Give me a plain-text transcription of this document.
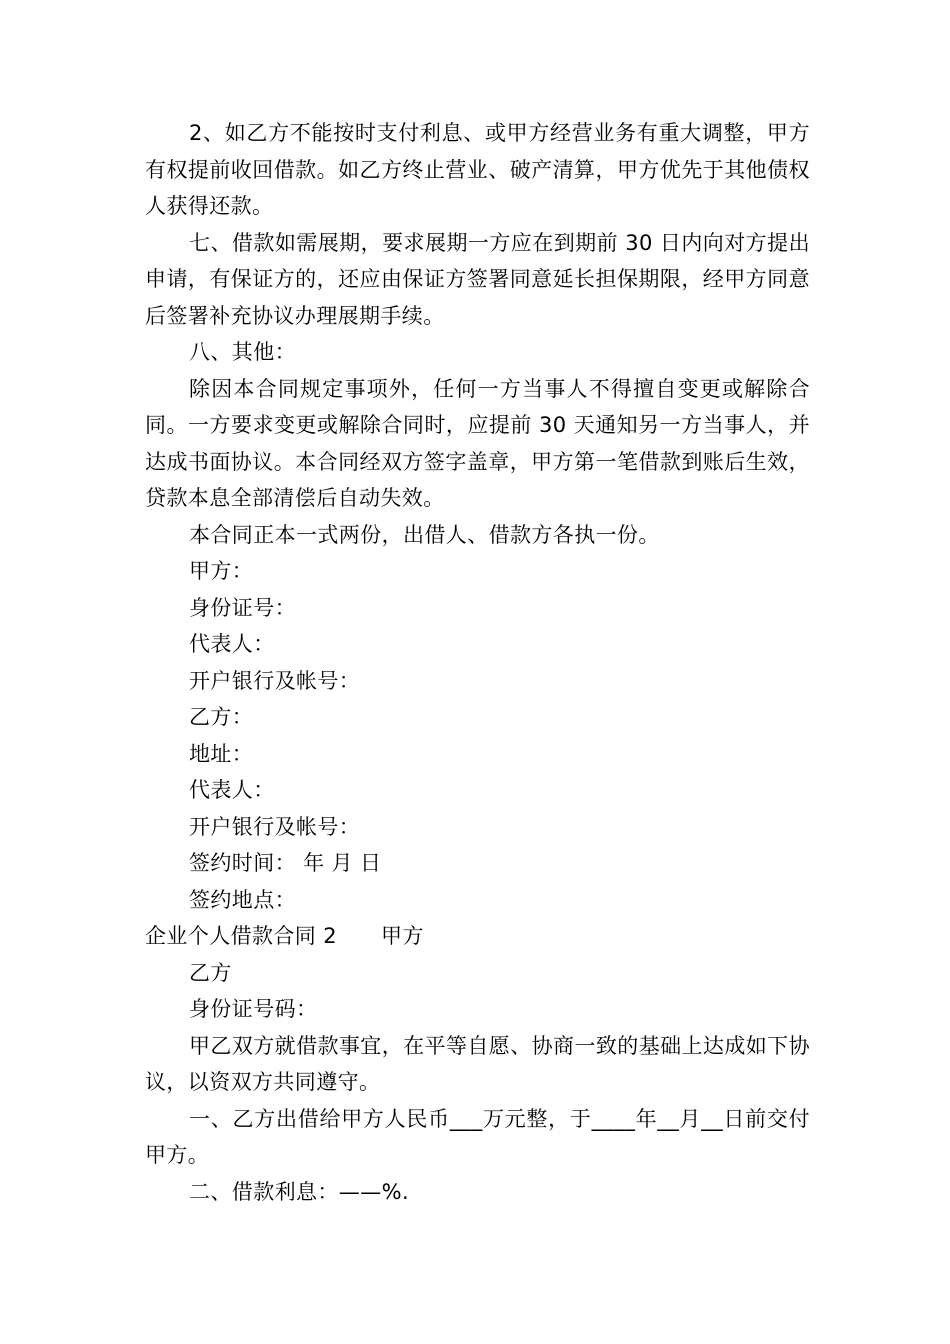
2、如乙方不能按时支付利息、或甲方经营业务有重大调整，甲方有权提前收回借款。如乙方终止营业、破产清算，甲方优先于其他债权人获得还款。

七、借款如需展期，要求展期一方应在到期前 30 日内向对方提出申请，有保证方的，还应由保证方签署同意延长担保期限，经甲方同意后签署补充协议办理展期手续。

八、其他：

除因本合同规定事项外，任何一方当事人不得擅自变更或解除合同。一方要求变更或解除合同时，应提前 30 天通知另一方当事人，并达成书面协议。本合同经双方签字盖章，甲方第一笔借款到账后生效，贷款本息全部清偿后自动失效。

本合同正本一式两份，出借人、借款方各执一份。

甲方：

身份证号：

代表人：

开户银行及帐号：

乙方：

地址：

代表人：

开户银行及帐号：

签约时间： 年 月 日

签约地点：

企业个人借款合同 2 甲方

乙方

身份证号码：

甲乙双方就借款事宜，在平等自愿、协商一致的基础上达成如下协议，以资双方共同遵守。

一、乙方出借给甲方人民币___万元整，于____年__月__日前交付甲方。

二、借款利息：——%.
